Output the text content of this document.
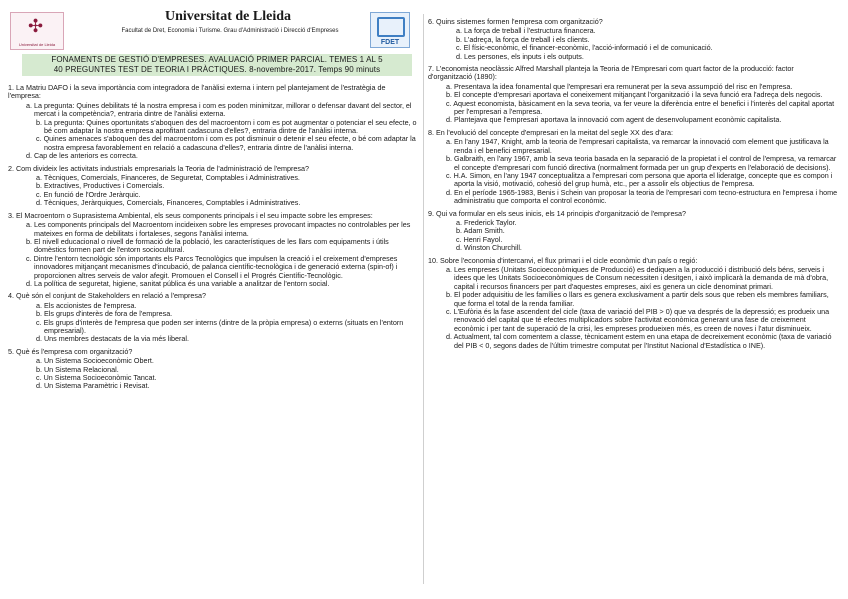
✣
Universitat de Lleida
Universitat de Lleida
Facultat de Dret, Economia i Turisme. Grau d'Administració i Direcció d'Empreses
FDET
FONAMENTS DE GESTIÓ D'EMPRESES. AVALUACIÓ PRIMER PARCIAL. TEMES 1 AL 5
40 PREGUNTES TEST DE TEORIA I PRÀCTIQUES. 8-novembre-2017. Temps 90 minuts
1. La Matriu DAFO i la seva importància com integradora de l'anàlisi externa i intern pel plantejament de l'estratègia de l'empresa:
a. La pregunta: Quines debilitats té la nostra empresa i com es poden minimitzar, millorar o defensar davant del sector, el mercat i la competència?, entraria dintre de l'anàlisi externa.
b. La pregunta: Quines oportunitats s'aboquen des del macroentorn i com es pot augmentar o potenciar el seu efecte, o bé com adaptar la nostra empresa aprofitant cadascuna d'elles?, entraria dintre de l'anàlisi interna.
c. Quines amenaces s'aboquen des del macroentorn i com es pot disminuir o detenir el seu efecte, o bé com adaptar la nostra empresa favorablement en relació a cadascuna d'elles?, entraria dintre de l'anàlisi interna.
d. Cap de les anteriors es correcta.
2. Com divideix les activitats industrials empresarials la Teoria de l'administració de l'empresa?
a. Tècniques, Comercials, Financeres, de Seguretat, Comptables i Administratives.
b. Extractives, Productives i Comercials.
c. En funció de l'Ordre Jeràrquic.
d. Tècniques, Jeràrquiques, Comercials, Financeres, Comptables i Administratives.
3. El Macroentorn o Suprasistema Ambiental, els seus components principals i el seu impacte sobre les empreses:
a. Les components principals del Macroentorn incideixen sobre les empreses provocant impactes no controlables per les mateixes en forma de debilitats i fortaleses, segons l'anàlisi interna.
b. El nivell educacional o nivell de formació de la població, les característiques de les llars com equipaments i útils domèstics formen part de l'entorn sociocultural.
c. Dintre l'entorn tecnològic són importants els Parcs Tecnològics que impulsen la creació i el creixement d'empreses innovadores mitjançant mecanismes d'incubació, de palanca científic-tecnològica i de generació externa (spin-of) i proporcionen altres serveis de valor afegit. Promouen el Consell i el Progrés Científic-Tecnològic.
d. La política de seguretat, higiene, sanitat pública és una variable a analitzar de l'entorn social.
4. Què són el conjunt de Stakeholders en relació a l'empresa?
a. Els accionistes de l'empresa.
b. Els grups d'interès de fora de l'empresa.
c. Els grups d'interès de l'empresa que poden ser interns (dintre de la pròpia empresa) o externs (situats en l'entorn empresarial).
d. Uns membres destacats de la via més liberal.
5. Què és l'empresa com organització?
a. Un Sistema Socioeconòmic Obert.
b. Un Sistema Relacional.
c. Un Sistema Socioeconòmic Tancat.
d. Un Sistema Paramètric i Revisat.
6. Quins sistemes formen l'empresa com organització?
a. La força de treball i l'estructura financera.
b. L'adreça, la força de treball i els clients.
c. El físic-econòmic, el financer-econòmic, l'acció-informació i el de comunicació.
d. Les persones, els inputs i els outputs.
7. L'economista neoclàssic Alfred Marshall planteja la Teoria de l'Empresari com quart factor de la producció: factor d'organització (1890):
a. Presentava la idea fonamental que l'empresari era remunerat per la seva assumpció del risc en l'empresa.
b. El concepte d'empresari aportava el coneixement mitjançant l'organització i la seva funció era l'adreça dels negocis.
c. Aquest economista, bàsicament en la seva teoria, va fer veure la diferència entre el benefici i l'interès del capital aportat per l'empresari a l'empresa.
d. Plantejava que l'empresari aportava la innovació com agent de desenvolupament econòmic capitalista.
8. En l'evolució del concepte d'empresari en la meitat del segle XX des d'ara:
a. En l'any 1947, Knight, amb la teoria de l'empresari capitalista, va remarcar la innovació com element que justificava la renda i el benefici empresarial.
b. Galbraith, en l'any 1967, amb la seva teoria basada en la separació de la propietat i el control de l'empresa, va remarcar el concepte d'empresari com funció directiva (normalment formada per un grup d'experts en l'elaboració de decisions).
c. H.A. Simon, en l'any 1947 conceptualitza a l'empresari com persona que aporta el lideratge, concepte que es compon i aporta la visió, motivació, cohesió del grup humà, etc., per a assolir els objectius de l'empresa.
d. En el període 1965-1983, Benis i Schein van proposar la teoria de l'empresari com tecno-estructura en l'empresa i home administratiu que comporta el control econòmic.
9. Qui va formular en els seus inicis, els 14 principis d'organització de l'empresa?
a. Frederick Taylor.
b. Adam Smith.
c. Henri Fayol.
d. Winston Churchill.
10. Sobre l'economia d'intercanvi, el flux primari i el cicle econòmic d'un país o regió:
a. Les empreses (Unitats Socioeconòmiques de Producció) es dediquen a la producció i distribució dels béns, serveis i idees que les Unitats Socioeconòmiques de Consum necessiten i desitgen, i això implicarà la demanda de mà d'obra, capital i recursos financers per part d'aquestes empreses, així es genera un cicle denominat primari.
b. El poder adquisitiu de les famílies o llars es genera exclusivament a partir dels sous que reben els membres familiars, que forma el total de la renda familiar.
c. L'Eufòria és la fase ascendent del cicle (taxa de variació del PIB > 0) que va després de la depressió; es produeix una renovació del capital que té efectes multiplicadors sobre l'activitat econòmica generant una fase de creixement econòmic i per tant de superació de la crisi, les empreses produeixen més, es creen de noves i l'atur disminueix.
d. Actualment, tal com comentem a classe, tècnicament estem en una etapa de decreixement econòmic (taxa de variació del PIB < 0, segons dades de l'últim trimestre computat per l'Institut Nacional d'Estadística o INE).
